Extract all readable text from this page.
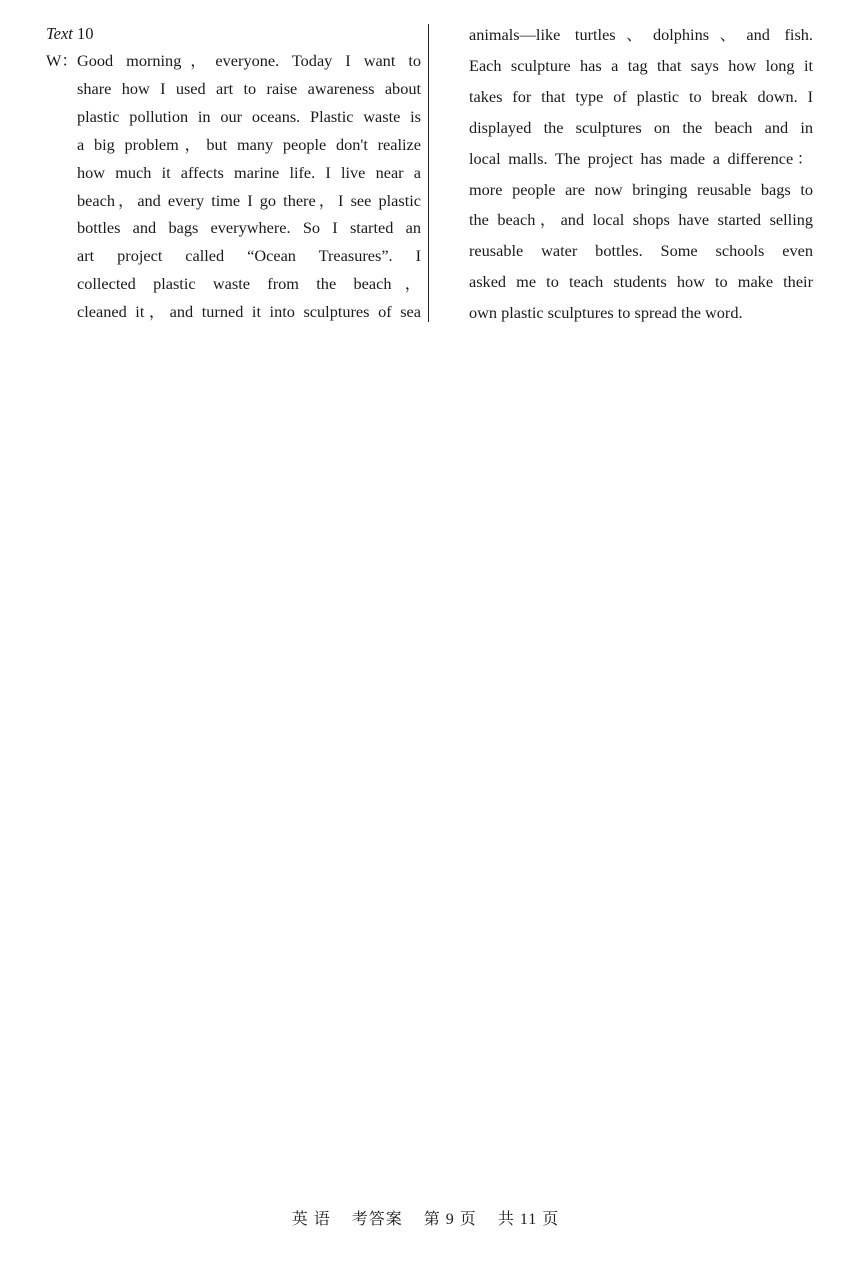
Text 10
W： Good morning，everyone. Today I want to
share how I used art to raise awareness about
plastic pollution in our oceans. Plastic waste is
a big problem，but many people don't realize
how much it affects marine life. I live near a
beach，and every time I go there，I see plastic
bottles and bags everywhere. So I started an
art project called “Ocean Treasures”. I
collected plastic waste from the beach，
cleaned it，and turned it into sculptures of sea
animals—like turtles、dolphins、and fish.
Each sculpture has a tag that says how long it
takes for that type of plastic to break down. I
displayed the sculptures on the beach and in
local malls. The project has made a difference：
more people are now bringing reusable bags to
the beach，and local shops have started selling
reusable water bottles. Some schools even
asked me to teach students how to make their
own plastic sculptures to spread the word.
英 语 考答案 第 9 页 共 11 页
